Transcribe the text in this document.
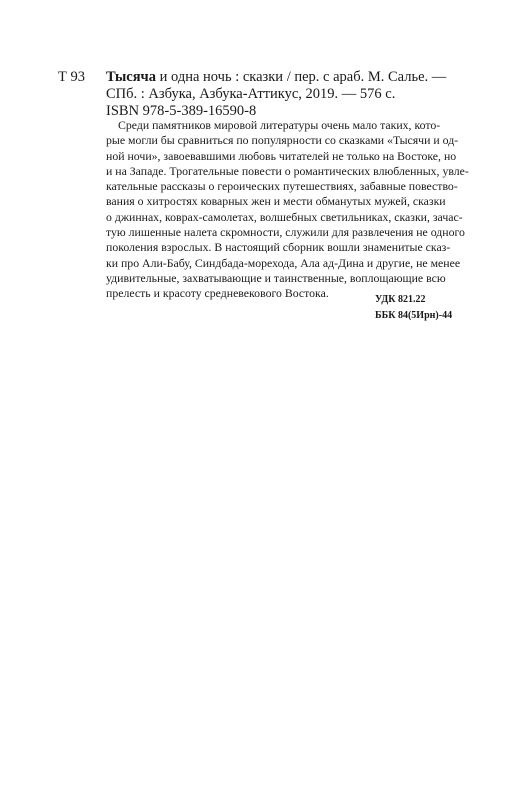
Т 93 Тысяча и одна ночь : сказки / пер. с араб. М. Салье. —
СПб. : Азбука, Азбука-Аттикус, 2019. — 576 с.
ISBN 978-5-389-16590-8
Среди памятников мировой литературы очень мало таких, кото-
рые могли бы сравниться по популярности со сказками «Тысячи и од-
ной ночи», завоевавшими любовь читателей не только на Востоке, но
и на Западе. Трогательные повести о романтических влюбленных, увле-
кательные рассказы о героических путешествиях, забавные повество-
вания о хитростях коварных жен и мести обманутых мужей, сказки
о джиннах, коврах-самолетах, волшебных светильниках, сказки, зачас-
тую лишенные налета скромности, служили для развлечения не одного
поколения взрослых. В настоящий сборник вошли знаменитые сказ-
ки про Али-Бабу, Синдбада-морехода, Ала ад-Дина и другие, не менее
удивительные, захватывающие и таинственные, воплощающие всю
прелесть и красоту средневекового Востока.	УДК 821.22
ББК 84(5Ирн)-44
